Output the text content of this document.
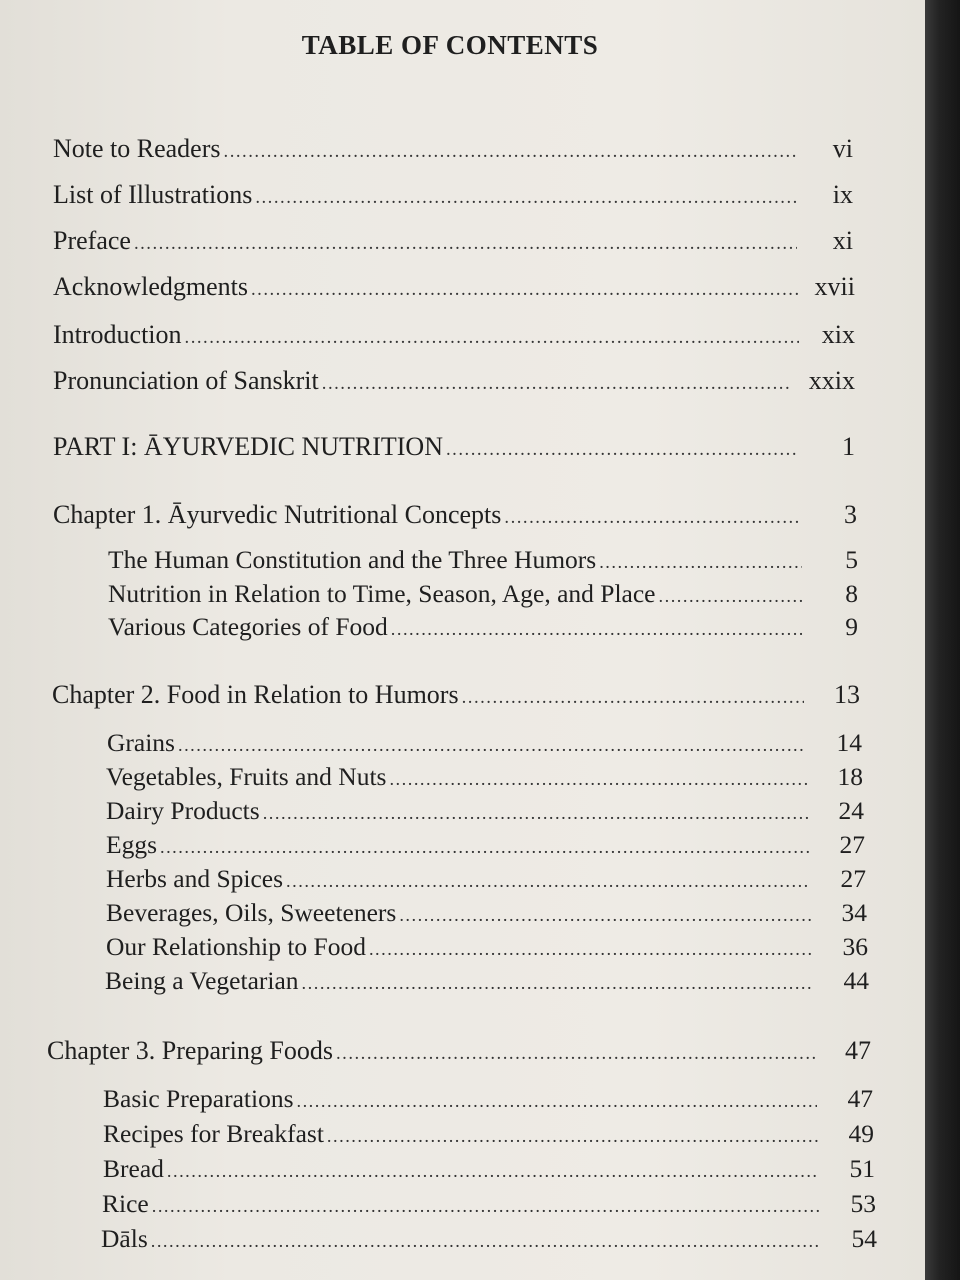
TABLE OF CONTENTS
Note to Readers .....	vi
List of Illustrations .....	ix
Preface .....	xi
Acknowledgments .....	xvii
Introduction .....	xix
Pronunciation of Sanskrit .....	xxix
PART I: ĀYURVEDIC NUTRITION .....	1
Chapter 1. Āyurvedic Nutritional Concepts .....	3
The Human Constitution and the Three Humors .....	5
Nutrition in Relation to Time, Season, Age, and Place .....	8
Various Categories of Food .....	9
Chapter 2. Food in Relation to Humors .....	13
Grains .....	14
Vegetables, Fruits and Nuts .....	18
Dairy Products .....	24
Eggs .....	27
Herbs and Spices .....	27
Beverages, Oils, Sweeteners .....	34
Our Relationship to Food .....	36
Being a Vegetarian .....	44
Chapter 3. Preparing Foods .....	47
Basic Preparations .....	47
Recipes for Breakfast .....	49
Bread .....	51
Rice .....	53
Dāls .....	54
